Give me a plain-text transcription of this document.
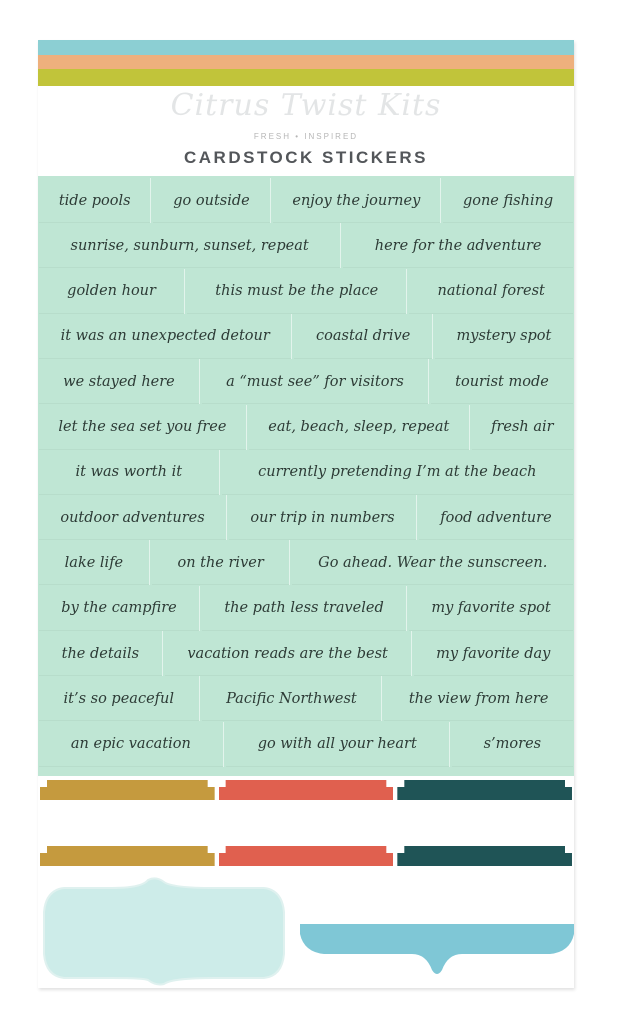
Citrus Twist Kits
FRESH • INSPIRED
CARDSTOCK STICKERS
tide pools	go outside	enjoy the journey	gone fishing
sunrise, sunburn, sunset, repeat	here for the adventure
golden hour	this must be the place	national forest
it was an unexpected detour	coastal drive	mystery spot
we stayed here	a “must see” for visitors	tourist mode
let the sea set you free	eat, beach, sleep, repeat	fresh air
it was worth it	currently pretending I’m at the beach
outdoor adventures	our trip in numbers	food adventure
lake life	on the river	Go ahead. Wear the sunscreen.
by the campfire	the path less traveled	my favorite spot
the details	vacation reads are the best	my favorite day
it’s so peaceful	Pacific Northwest	the view from here
an epic vacation	go with all your heart	s’mores
